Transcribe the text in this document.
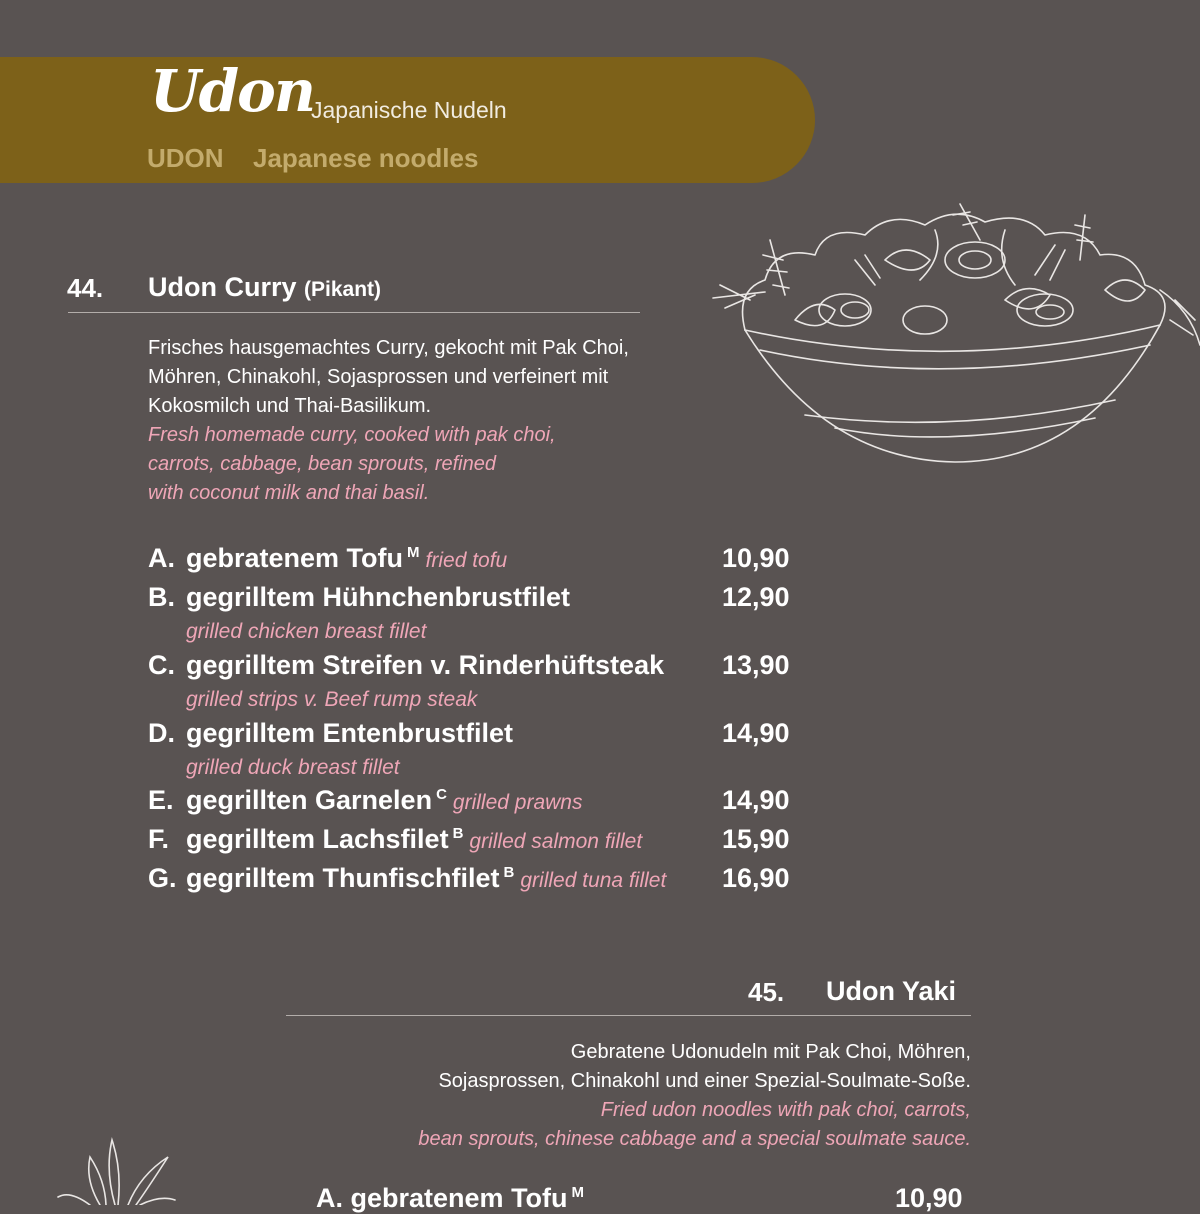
Udon
Japanische Nudeln
UDON Japanese noodles
44. Udon Curry (Pikant)
Frisches hausgemachtes Curry, gekocht mit Pak Choi,
Möhren, Chinakohl, Sojasprossen und verfeinert mit
Kokosmilch und Thai-Basilikum.
Fresh homemade curry, cooked with pak choi,
carrots, cabbage, bean sprouts, refined
with coconut milk and thai basil.
A. gebratenem Tofu $^M$ fried tofu	10,90
B. gegrilltem Hühnchenbrustfilet	12,90
grilled chicken breast fillet
C. gegrilltem Streifen v. Rinderhüftsteak 13,90
grilled strips v. Beef rump steak
D. gegrilltem Entenbrustfilet	14,90
grilled duck breast fillet
E. gegrillten Garnelen $^C$ grilled prawns	14,90
F. gegrilltem Lachsfilet $^B$ grilled salmon fillet	15,90
G. gegrilltem Thunfischfilet $^B$ grilled tuna fillet 16,90
45. Udon Yaki
Gebratene Udonudeln mit Pak Choi, Möhren,
Sojasprossen, Chinakohl und einer Spezial-Soulmate-Soße.
Fried udon noodles with pak choi, carrots,
bean sprouts, chinese cabbage and a special soulmate sauce.
A. gebratenem Tofu $^M$	10,90
